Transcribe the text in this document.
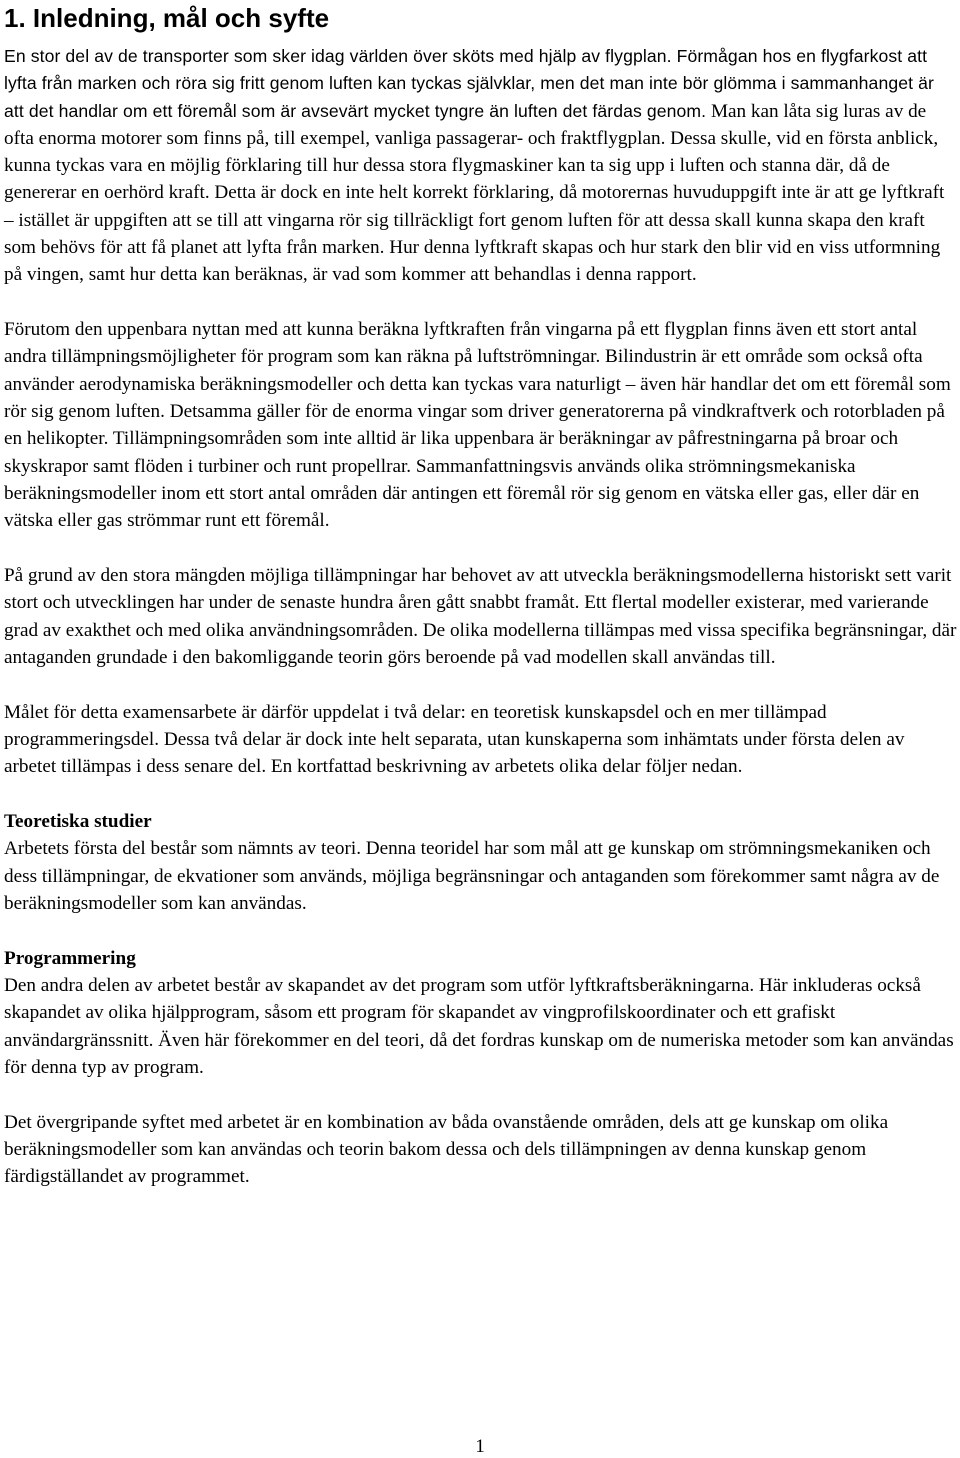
1. Inledning, mål och syfte

En stor del av de transporter som sker idag världen över sköts med hjälp av flygplan. Förmågan hos en flygfarkost att lyfta från marken och röra sig fritt genom luften kan tyckas självklar, men det man inte bör glömma i sammanhanget är att det handlar om ett föremål som är avsevärt mycket tyngre än luften det färdas genom. Man kan låta sig luras av de ofta enorma motorer som finns på, till exempel, vanliga passagerar- och fraktflygplan. Dessa skulle, vid en första anblick, kunna tyckas vara en möjlig förklaring till hur dessa stora flygmaskiner kan ta sig upp i luften och stanna där, då de genererar en oerhörd kraft. Detta är dock en inte helt korrekt förklaring, då motorernas huvuduppgift inte är att ge lyftkraft – istället är uppgiften att se till att vingarna rör sig tillräckligt fort genom luften för att dessa skall kunna skapa den kraft som behövs för att få planet att lyfta från marken. Hur denna lyftkraft skapas och hur stark den blir vid en viss utformning på vingen, samt hur detta kan beräknas, är vad som kommer att behandlas i denna rapport.

Förutom den uppenbara nyttan med att kunna beräkna lyftkraften från vingarna på ett flygplan finns även ett stort antal andra tillämpningsmöjligheter för program som kan räkna på luftströmningar. Bilindustrin är ett område som också ofta använder aerodynamiska beräkningsmodeller och detta kan tyckas vara naturligt – även här handlar det om ett föremål som rör sig genom luften. Detsamma gäller för de enorma vingar som driver generatorerna på vindkraftverk och rotorbladen på en helikopter. Tillämpningsområden som inte alltid är lika uppenbara är beräkningar av påfrestningarna på broar och skyskrapor samt flöden i turbiner och runt propellrar. Sammanfattningsvis används olika strömningsmekaniska beräkningsmodeller inom ett stort antal områden där antingen ett föremål rör sig genom en vätska eller gas, eller där en vätska eller gas strömmar runt ett föremål.

På grund av den stora mängden möjliga tillämpningar har behovet av att utveckla beräkningsmodellerna historiskt sett varit stort och utvecklingen har under de senaste hundra åren gått snabbt framåt. Ett flertal modeller existerar, med varierande grad av exakthet och med olika användningsområden. De olika modellerna tillämpas med vissa specifika begränsningar, där antaganden grundade i den bakomliggande teorin görs beroende på vad modellen skall användas till.

Målet för detta examensarbete är därför uppdelat i två delar: en teoretisk kunskapsdel och en mer tillämpad programmeringsdel. Dessa två delar är dock inte helt separata, utan kunskaperna som inhämtats under första delen av arbetet tillämpas i dess senare del. En kortfattad beskrivning av arbetets olika delar följer nedan.

Teoretiska studier

Arbetets första del består som nämnts av teori. Denna teoridel har som mål att ge kunskap om strömningsmekaniken och dess tillämpningar, de ekvationer som används, möjliga begränsningar och antaganden som förekommer samt några av de beräkningsmodeller som kan användas.

Programmering

Den andra delen av arbetet består av skapandet av det program som utför lyftkraftsberäkningarna. Här inkluderas också skapandet av olika hjälpprogram, såsom ett program för skapandet av vingprofilskoordinater och ett grafiskt användargränssnitt. Även här förekommer en del teori, då det fordras kunskap om de numeriska metoder som kan användas för denna typ av program.

Det övergripande syftet med arbetet är en kombination av båda ovanstående områden, dels att ge kunskap om olika beräkningsmodeller som kan användas och teorin bakom dessa och dels tillämpningen av denna kunskap genom färdigställandet av programmet.

1
